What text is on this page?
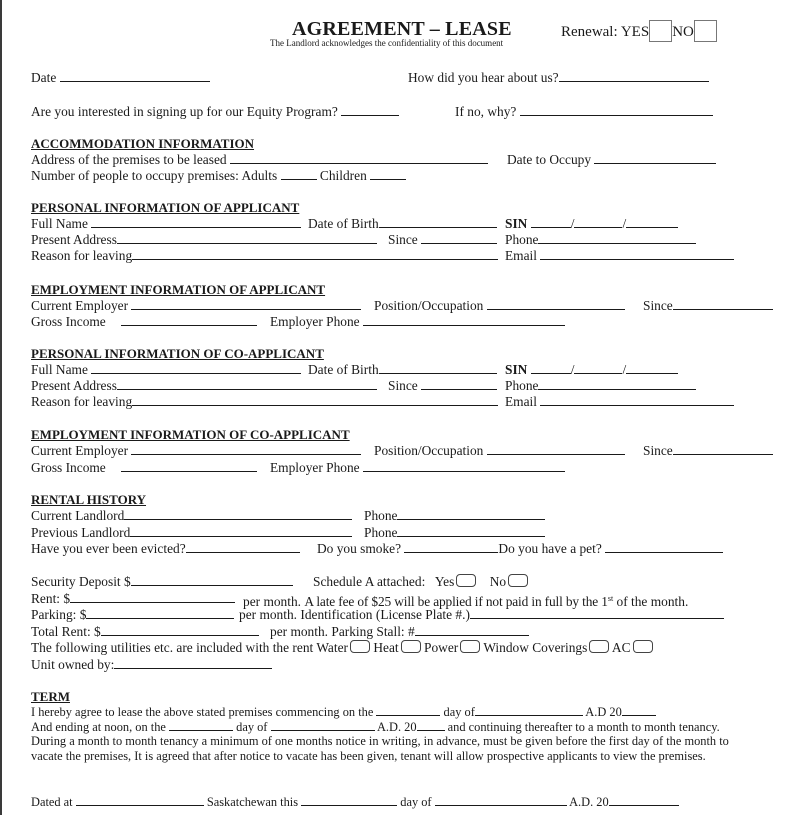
AGREEMENT – LEASE
The Landlord acknowledges the confidentiality of this document
Renewal: YES NO
Date	How did you hear about us?
Are you interested in signing up for our Equity Program?	If no, why?
ACCOMMODATION INFORMATION
Address of the premises to be leased	Date to Occupy
Number of people to occupy premises: Adults	Children
PERSONAL INFORMATION OF APPLICANT
Full Name	Date of Birth	SIN	/	/
Present Address	Since	Phone
Reason for leaving	Email
EMPLOYMENT INFORMATION OF APPLICANT
Current Employer	Position/Occupation	Since
Gross Income	Employer Phone
PERSONAL INFORMATION OF CO-APPLICANT
Full Name	Date of Birth	SIN	/	/
Present Address	Since	Phone
Reason for leaving	Email
EMPLOYMENT INFORMATION OF CO-APPLICANT
Current Employer	Position/Occupation	Since
Gross Income	Employer Phone
RENTAL HISTORY
Current Landlord	Phone
Previous Landlord	Phone
Have you ever been evicted?	Do you smoke?	Do you have a pet?
Security Deposit $	Schedule A attached: Yes	No
Rent: $	per month. A late fee of $25 will be applied if not paid in full by the 1st of the month.
Parking: $	per month. Identification (License Plate #.)
Total Rent: $	per month. Parking Stall: #
The following utilities etc. are included with the rent Water Heat Power Window Coverings AC
Unit owned by:
TERM
I hereby agree to lease the above stated premises commencing on the	day of	A.D 20
And ending at noon, on the	day of	A.D. 20	and continuing thereafter to a month to month tenancy.
During a month to month tenancy a minimum of one months notice in writing, in advance, must be given before the first day of the month to
vacate the premises, It is agreed that after notice to vacate has been given, tenant will allow prospective applicants to view the premises.
Dated at	Saskatchewan this	day of	A.D. 20
